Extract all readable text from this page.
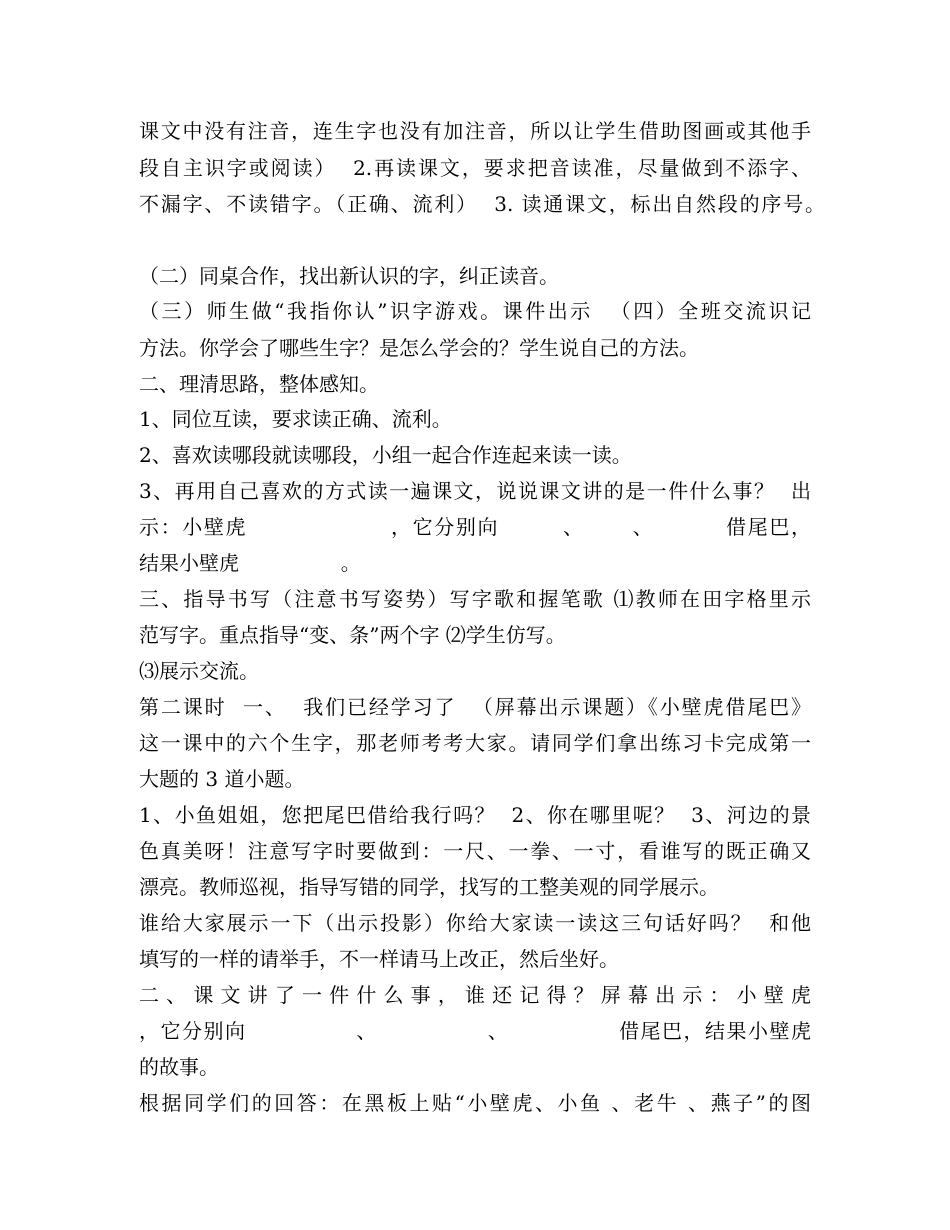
课文中没有注音，连生字也没有加注音，所以让学生借助图画或其他手
段自主识字或阅读）  2.再读课文，要求把音读准，尽量做到不添字、
不漏字、不读错字。（正确、流利）  3. 读通课文，标出自然段的序号。
（二）同桌合作，找出新认识的字，纠正读音。
（三）师生做“我指你认”识字游戏。课件出示  （四）全班交流识记
方法。你学会了哪些生字？是怎么学会的？学生说自己的方法。
二、理清思路，整体感知。
1、同位互读，要求读正确、流利。
2、喜欢读哪段就读哪段，小组一起合作连起来读一读。
3、再用自己喜欢的方式读一遍课文，说说课文讲的是一件什么事？  出
示：小壁虎                  ，它分别向        、      、         借尾巴，
结果小壁虎                。
三、指导书写（注意书写姿势）写字歌和握笔歌 ⑴教师在田字格里示
范写字。重点指导“变、条”两个字 ⑵学生仿写。
⑶展示交流。
第二课时  一、  我们已经学习了  （屏幕出示课题）《小壁虎借尾巴》
这一课中的六个生字，那老师考考大家。请同学们拿出练习卡完成第一
大题的 3 道小题。
1、小鱼姐姐，您把尾巴借给我行吗？  2、你在哪里呢？  3、河边的景
色真美呀！注意写字时要做到：一尺、一拳、一寸，看谁写的既正确又
漂亮。教师巡视，指导写错的同学，找写的工整美观的同学展示。
谁给大家展示一下（出示投影）你给大家读一读这三句话好吗？  和他
填写的一样的请举手，不一样请马上改正，然后坐好。
二、课文讲了一件什么事，谁还记得？屏幕出示：小壁虎
，它分别向              、              、              借尾巴，结果小壁虎
的故事。
根据同学们的回答：在黑板上贴“小壁虎、小鱼 、老牛 、燕子”的图
